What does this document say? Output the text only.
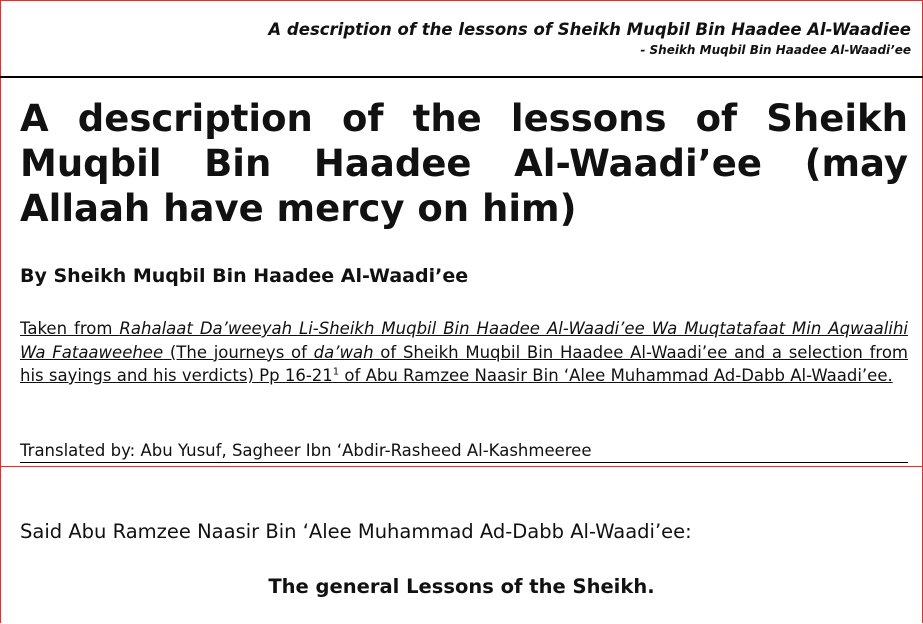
A description of the lessons of Sheikh Muqbil Bin Haadee Al-Waadiee
- Sheikh Muqbil Bin Haadee Al-Waadi’ee
A description of the lessons of Sheikh Muqbil Bin Haadee Al-Waadi’ee (may Allaah have mercy on him)

By Sheikh Muqbil Bin Haadee Al-Waadi’ee

Taken from Rahalaat Da’weeyah Li-Sheikh Muqbil Bin Haadee Al-Waadi’ee Wa Muqtatafaat Min Aqwaalihi Wa Fataaweehee (The journeys of da’wah of Sheikh Muqbil Bin Haadee Al-Waadi’ee and a selection from his sayings and his verdicts) Pp $16-21^1$ of Abu Ramzee Naasir Bin ‘Alee Muhammad Ad-Dabb Al-Waadi’ee.

Translated by: Abu Yusuf, Sagheer Ibn ‘Abdir-Rasheed Al-Kashmeeree

Said Abu Ramzee Naasir Bin ‘Alee Muhammad Ad-Dabb Al-Waadi’ee:

The general Lessons of the Sheikh.
